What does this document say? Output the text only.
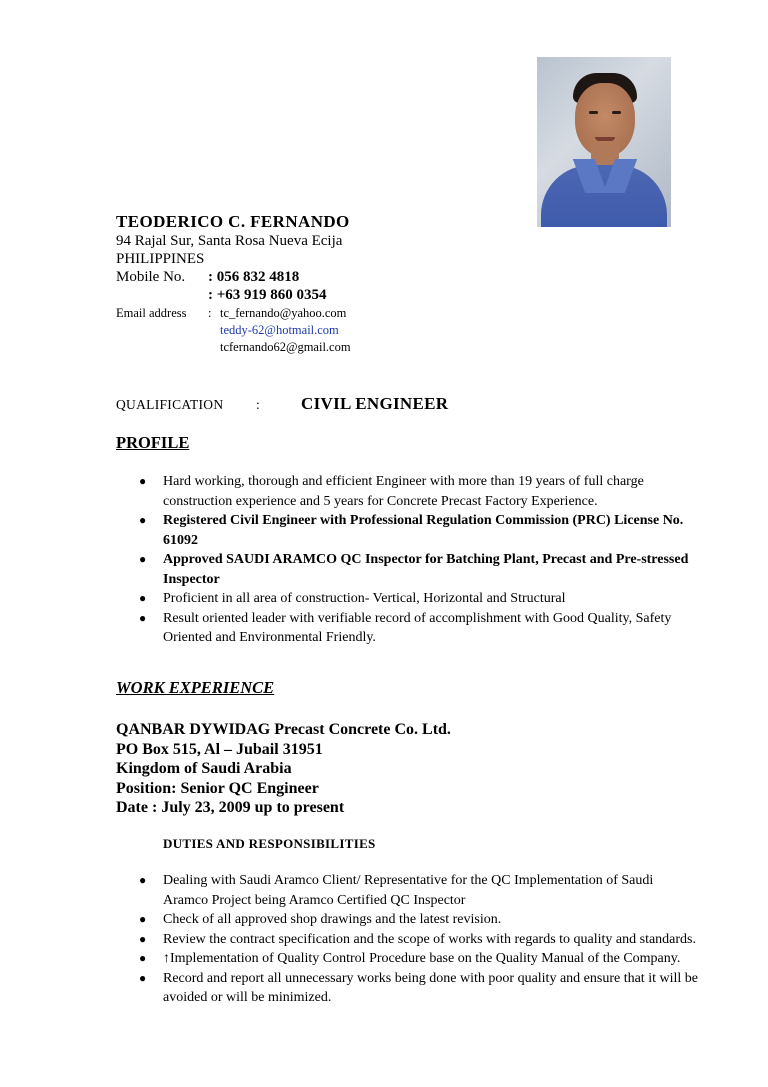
TEODERICO C. FERNANDO
94 Rajal Sur, Santa Rosa Nueva Ecija
PHILIPPINES
Mobile No.	: 056 832 4818
: +63 919 860 0354
Email address	: tc_fernando@yahoo.com
teddy-62@hotmail.com
tcfernando62@gmail.com
QUALIFICATION	:	CIVIL ENGINEER
PROFILE
● Hard working, thorough and efficient Engineer with more than 19 years of full charge construction experience and 5 years for Concrete Precast Factory Experience.
● Registered Civil Engineer with Professional Regulation Commission (PRC) License No. 61092
● Approved SAUDI ARAMCO QC Inspector for Batching Plant, Precast and Pre-stressed Inspector
● Proficient in all area of construction- Vertical, Horizontal and Structural
● Result oriented leader with verifiable record of accomplishment with Good Quality, Safety Oriented and Environmental Friendly.
WORK EXPERIENCE
QANBAR DYWIDAG Precast Concrete Co. Ltd.
PO Box 515, Al – Jubail 31951
Kingdom of Saudi Arabia
Position: Senior QC Engineer
Date : July 23, 2009 up to present
DUTIES AND RESPONSIBILITIES
● Dealing with Saudi Aramco Client/ Representative for the QC Implementation of Saudi Aramco Project being Aramco Certified QC Inspector
● Check of all approved shop drawings and the latest revision.
● Review the contract specification and the scope of works with regards to quality and standards.
● ↑Implementation of Quality Control Procedure base on the Quality Manual of the Company.
● Record and report all unnecessary works being done with poor quality and ensure that it will be avoided or will be minimized.
